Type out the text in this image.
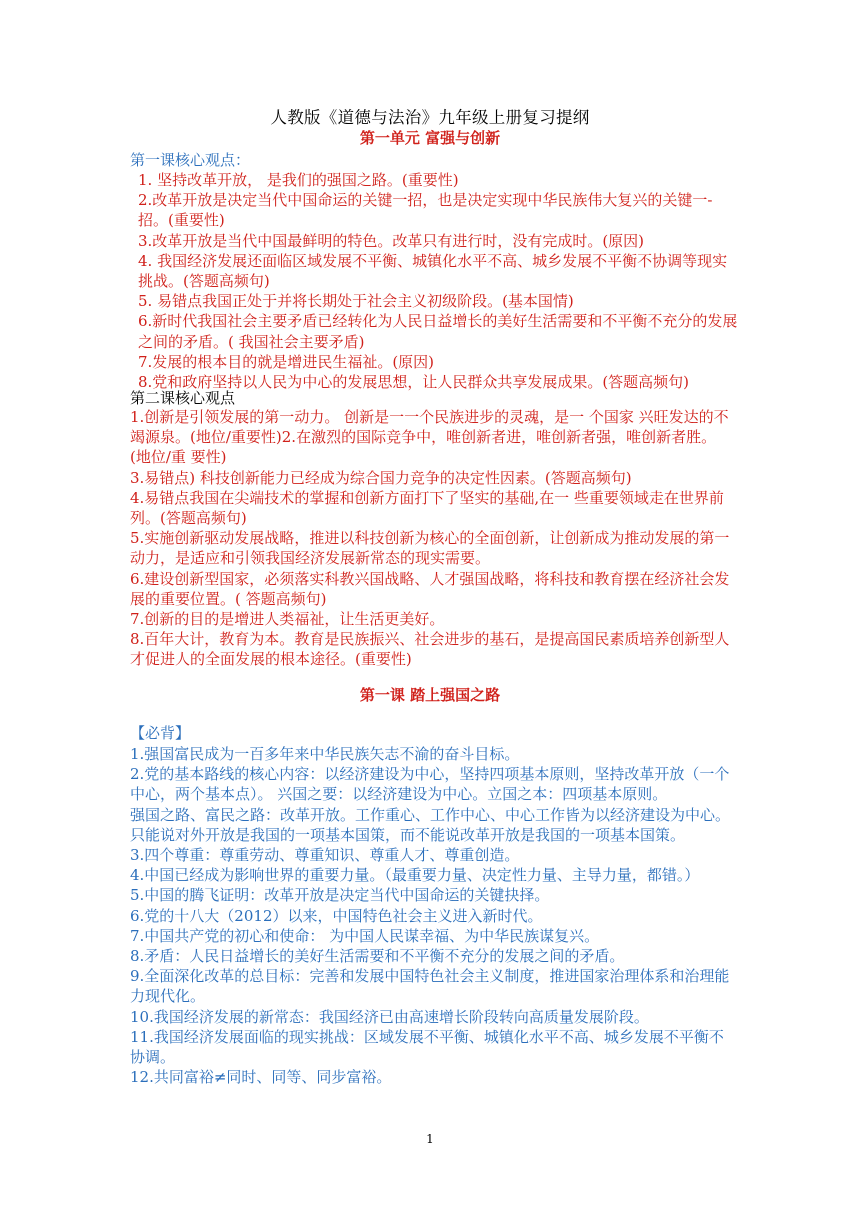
人教版《道德与法治》九年级上册复习提纲
第一单元 富强与创新
第一课核心观点：

1. 坚持改革开放， 是我们的强国之路。(重要性)

2.改革开放是决定当代中国命运的关键一招，也是决定实现中华民族伟大复兴的关键一-招。(重要性)

3.改革开放是当代中国最鲜明的特色。改革只有进行时，没有完成时。(原因)

4. 我国经济发展还面临区域发展不平衡、城镇化水平不高、城乡发展不平衡不协调等现实挑战。(答题高频句)

5. 易错点我国正处于并将长期处于社会主义初级阶段。(基本国情)

6.新时代我国社会主要矛盾已经转化为人民日益增长的美好生活需要和不平衡不充分的发展之间的矛盾。( 我国社会主要矛盾)

7.发展的根本目的就是增进民生福祉。(原因)

8.党和政府坚持以人民为中心的发展思想，让人民群众共享发展成果。(答题高频句)

第二课核心观点

1.创新是引领发展的第一动力。 创新是一一个民族进步的灵魂，是一 个国家 兴旺发达的不竭源泉。(地位/重要性)2.在激烈的国际竞争中，唯创新者进，唯创新者强，唯创新者胜。(地位/重 要性)

3.易错点) 科技创新能力已经成为综合国力竞争的决定性因素。(答题高频句)

4.易错点我国在尖端技术的掌握和创新方面打下了坚实的基础,在一 些重要领域走在世界前列。(答题高频句)

5.实施创新驱动发展战略，推进以科技创新为核心的全面创新，让创新成为推动发展的第一动力，是适应和引领我国经济发展新常态的现实需要。

6.建设创新型国家，必须落实科教兴国战略、人才强国战略，将科技和教育摆在经济社会发展的重要位置。( 答题高频句)

7.创新的目的是增进人类福祉，让生活更美好。

8.百年大计，教育为本。教育是民族振兴、社会进步的基石，是提高国民素质培养创新型人才促进人的全面发展的根本途径。(重要性)

第一课 踏上强国之路
【必背】

1.强国富民成为一百多年来中华民族矢志不渝的奋斗目标。

2.党的基本路线的核心内容：以经济建设为中心，坚持四项基本原则，坚持改革开放（一个中心，两个基本点）。 兴国之要：以经济建设为中心。立国之本：四项基本原则。

强国之路、富民之路：改革开放。工作重心、工作中心、中心工作皆为以经济建设为中心。只能说对外开放是我国的一项基本国策，而不能说改革开放是我国的一项基本国策。

3.四个尊重：尊重劳动、尊重知识、尊重人才、尊重创造。

4.中国已经成为影响世界的重要力量。（最重要力量、决定性力量、主导力量，都错。）

5.中国的腾飞证明：改革开放是决定当代中国命运的关键抉择。

6.党的十八大（2012）以来，中国特色社会主义进入新时代。

7.中国共产党的初心和使命： 为中国人民谋幸福、为中华民族谋复兴。

8.矛盾：人民日益增长的美好生活需要和不平衡不充分的发展之间的矛盾。

9.全面深化改革的总目标：完善和发展中国特色社会主义制度，推进国家治理体系和治理能力现代化。

10.我国经济发展的新常态：我国经济已由高速增长阶段转向高质量发展阶段。

11.我国经济发展面临的现实挑战：区域发展不平衡、城镇化水平不高、城乡发展不平衡不协调。

12.共同富裕≠同时、同等、同步富裕。

1
